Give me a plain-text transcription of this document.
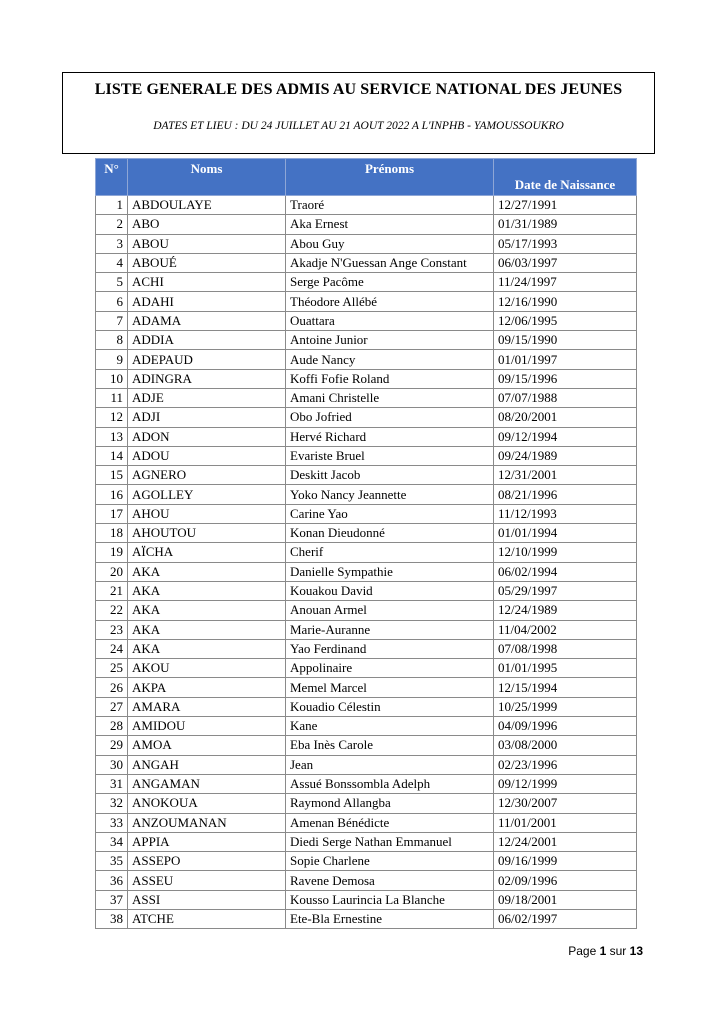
LISTE GENERALE DES ADMIS AU SERVICE NATIONAL DES JEUNES
DATES ET LIEU : DU 24 JUILLET AU 21 AOUT 2022 A L'INPHB - YAMOUSSOUKRO
N°	Noms	Prénoms	Date de Naissance
1	ABDOULAYE	Traoré	12/27/1991
2	ABO	Aka Ernest	01/31/1989
3	ABOU	Abou Guy	05/17/1993
4	ABOUÉ	Akadje N'Guessan Ange Constant	06/03/1997
5	ACHI	Serge Pacôme	11/24/1997
6	ADAHI	Théodore Allébé	12/16/1990
7	ADAMA	Ouattara	12/06/1995
8	ADDIA	Antoine Junior	09/15/1990
9	ADEPAUD	Aude Nancy	01/01/1997
10	ADINGRA	Koffi Fofie Roland	09/15/1996
11	ADJE	Amani Christelle	07/07/1988
12	ADJI	Obo Jofried	08/20/2001
13	ADON	Hervé Richard	09/12/1994
14	ADOU	Evariste Bruel	09/24/1989
15	AGNERO	Deskitt Jacob	12/31/2001
16	AGOLLEY	Yoko Nancy Jeannette	08/21/1996
17	AHOU	Carine Yao	11/12/1993
18	AHOUTOU	Konan Dieudonné	01/01/1994
19	AÏCHA	Cherif	12/10/1999
20	AKA	Danielle Sympathie	06/02/1994
21	AKA	Kouakou David	05/29/1997
22	AKA	Anouan Armel	12/24/1989
23	AKA	Marie-Auranne	11/04/2002
24	AKA	Yao Ferdinand	07/08/1998
25	AKOU	Appolinaire	01/01/1995
26	AKPA	Memel Marcel	12/15/1994
27	AMARA	Kouadio Célestin	10/25/1999
28	AMIDOU	Kane	04/09/1996
29	AMOA	Eba Inès Carole	03/08/2000
30	ANGAH	Jean	02/23/1996
31	ANGAMAN	Assué Bonssombla Adelph	09/12/1999
32	ANOKOUA	Raymond Allangba	12/30/2007
33	ANZOUMANAN	Amenan Bénédicte	11/01/2001
34	APPIA	Diedi Serge Nathan Emmanuel	12/24/2001
35	ASSEPO	Sopie Charlene	09/16/1999
36	ASSEU	Ravene Demosa	02/09/1996
37	ASSI	Kousso Laurincia La Blanche	09/18/2001
38	ATCHE	Ete-Bla Ernestine	06/02/1997
Page 1 sur 13
